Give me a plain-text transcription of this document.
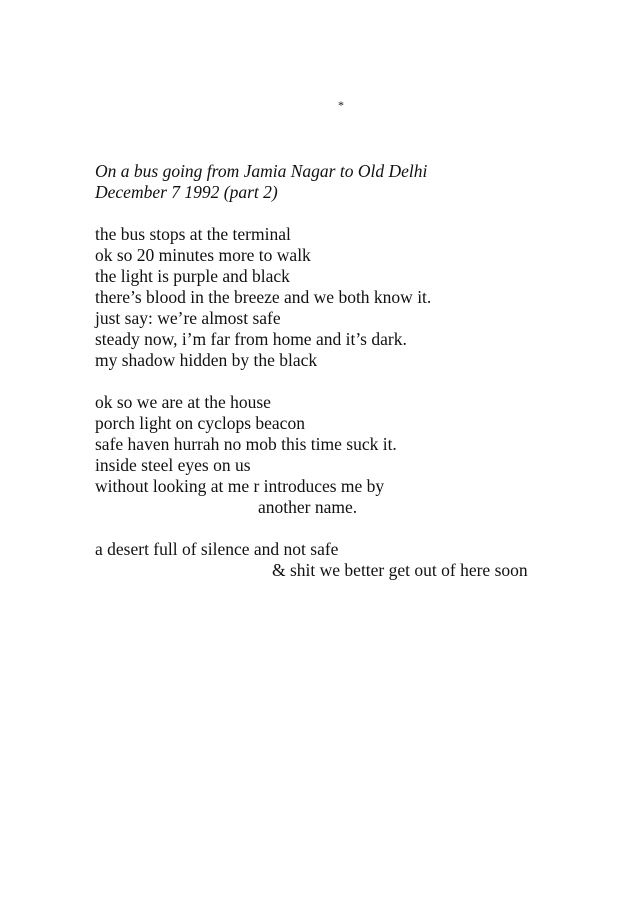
*
On a bus going from Jamia Nagar to Old Delhi
December 7 1992 (part 2)
the bus stops at the terminal
ok so 20 minutes more to walk
the light is purple and black
there’s blood in the breeze and we both know it.
just say: we’re almost safe
steady now, i’m far from home and it’s dark.
my shadow hidden by the black
ok so we are at the house
porch light on cyclops beacon
safe haven hurrah no mob this time suck it.
inside steel eyes on us
without looking at me r introduces me by
another name.
a desert full of silence and not safe
& shit we better get out of here soon
